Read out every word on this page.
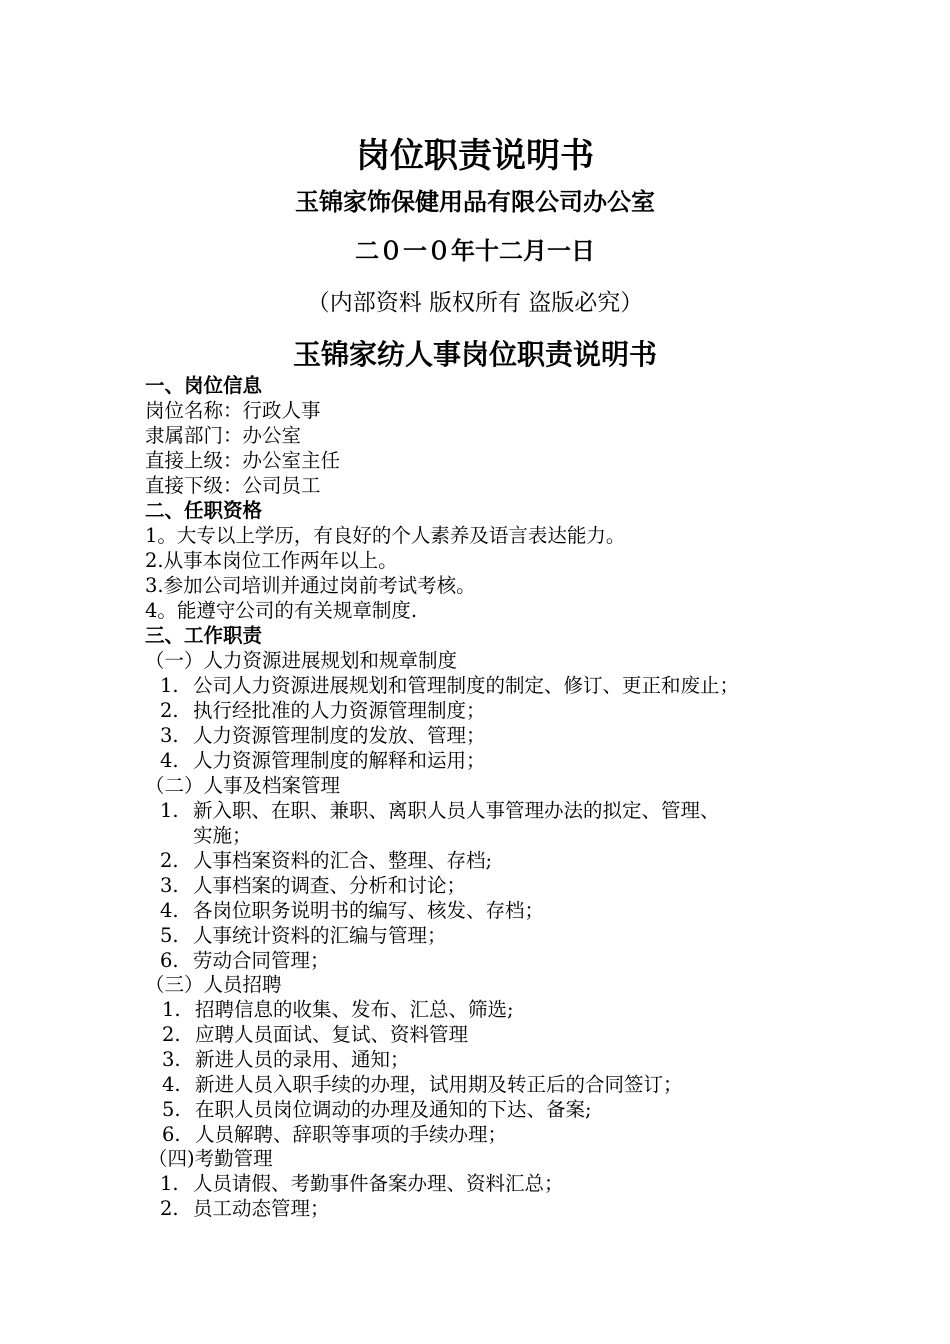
岗位职责说明书
玉锦家饰保健用品有限公司办公室
二０一０年十二月一日
（内部资料 版权所有 盗版必究）
玉锦家纺人事岗位职责说明书
一、岗位信息
岗位名称：行政人事
隶属部门：办公室
直接上级：办公室主任
直接下级：公司员工
二、任职资格
1。大专以上学历，有良好的个人素养及语言表达能力。
2.从事本岗位工作两年以上。
3.参加公司培训并通过岗前考试考核。
4。能遵守公司的有关规章制度.
三、工作职责
（一）人力资源进展规划和规章制度
1. 公司人力资源进展规划和管理制度的制定、修订、更正和废止；
2. 执行经批准的人力资源管理制度；
3. 人力资源管理制度的发放、管理；
4. 人力资源管理制度的解释和运用；
（二）人事及档案管理
1. 新入职、在职、兼职、离职人员人事管理办法的拟定、管理、
实施；
2. 人事档案资料的汇合、整理、存档;
3. 人事档案的调查、分析和讨论；
4. 各岗位职务说明书的编写、核发、存档；
5. 人事统计资料的汇编与管理；
6. 劳动合同管理；
（三）人员招聘
1. 招聘信息的收集、发布、汇总、筛选;
2. 应聘人员面试、复试、资料管理
3. 新进人员的录用、通知；
4. 新进人员入职手续的办理，试用期及转正后的合同签订；
5. 在职人员岗位调动的办理及通知的下达、备案;
6. 人员解聘、辞职等事项的手续办理；
（四)考勤管理
1. 人员请假、考勤事件备案办理、资料汇总；
2. 员工动态管理；
